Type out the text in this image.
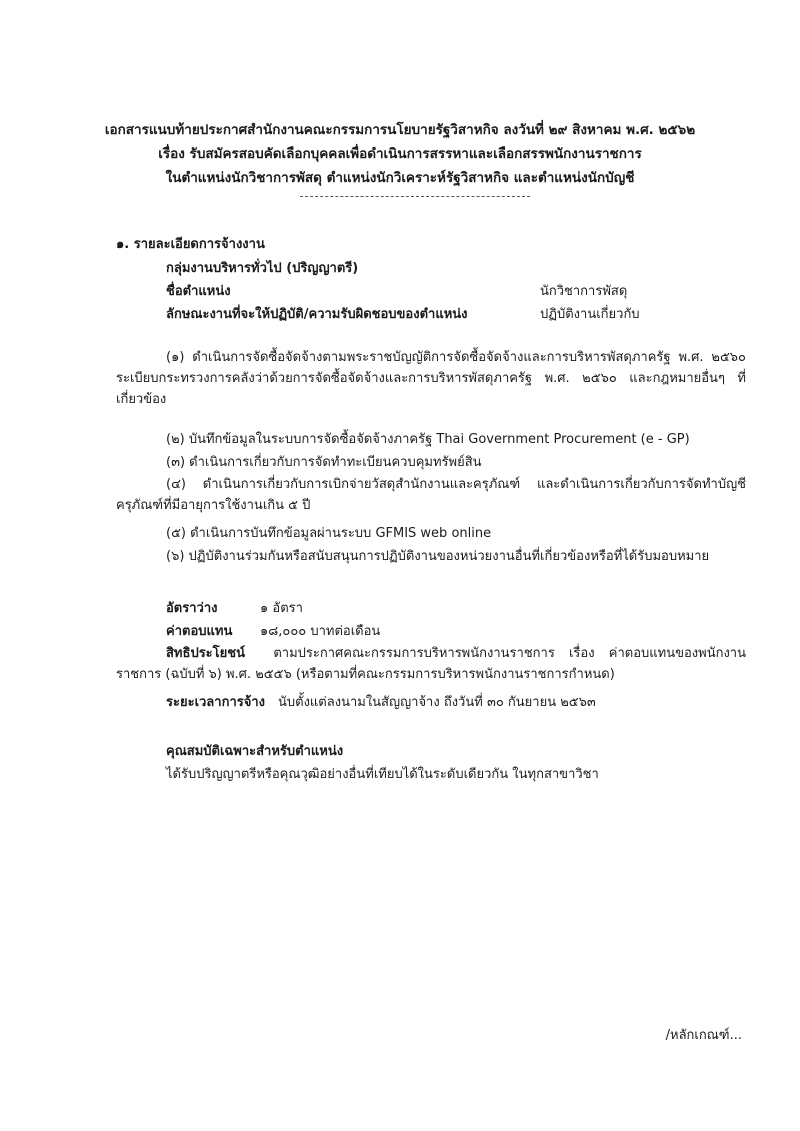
เอกสารแนบท้ายประกาศสำนักงานคณะกรรมการนโยบายรัฐวิสาหกิจ ลงวันที่ ๒๙ สิงหาคม พ.ศ. ๒๕๖๒
เรื่อง รับสมัครสอบคัดเลือกบุคคลเพื่อดำเนินการสรรหาและเลือกสรรพนักงานราชการ
ในตำแหน่งนักวิชาการพัสดุ ตำแหน่งนักวิเคราะห์รัฐวิสาหกิจ และตำแหน่งนักบัญชี
๑. รายละเอียดการจ้างงาน
กลุ่มงานบริหารทั่วไป (ปริญญาตรี)
ชื่อตำแหน่ง	นักวิชาการพัสดุ
ลักษณะงานที่จะให้ปฏิบัติ/ความรับผิดชอบของตำแหน่ง	ปฏิบัติงานเกี่ยวกับ
(๑) ดำเนินการจัดซื้อจัดจ้างตามพระราชบัญญัติการจัดซื้อจัดจ้างและการบริหารพัสดุภาครัฐ พ.ศ. ๒๕๖๐ ระเบียบกระทรวงการคลังว่าด้วยการจัดซื้อจัดจ้างและการบริหารพัสดุภาครัฐ พ.ศ. ๒๕๖๐ และกฎหมายอื่นๆ ที่เกี่ยวข้อง
(๒) บันทึกข้อมูลในระบบการจัดซื้อจัดจ้างภาครัฐ Thai Government Procurement (e - GP)
(๓) ดำเนินการเกี่ยวกับการจัดทำทะเบียนควบคุมทรัพย์สิน
(๔) ดำเนินการเกี่ยวกับการเบิกจ่ายวัสดุสำนักงานและครุภัณฑ์ และดำเนินการเกี่ยวกับการจัดทำบัญชีครุภัณฑ์ที่มีอายุการใช้งานเกิน ๕ ปี
(๕) ดำเนินการบันทึกข้อมูลผ่านระบบ GFMIS web online
(๖) ปฏิบัติงานร่วมกันหรือสนับสนุนการปฏิบัติงานของหน่วยงานอื่นที่เกี่ยวข้องหรือที่ได้รับมอบหมาย
อัตราว่าง	๑ อัตรา
ค่าตอบแทน ๑๘,๐๐๐ บาทต่อเดือน
สิทธิประโยชน์ ตามประกาศคณะกรรมการบริหารพนักงานราชการ เรื่อง ค่าตอบแทนของพนักงานราชการ (ฉบับที่ ๖) พ.ศ. ๒๕๕๖ (หรือตามที่คณะกรรมการบริหารพนักงานราชการกำหนด)
ระยะเวลาการจ้าง นับตั้งแต่ลงนามในสัญญาจ้าง ถึงวันที่ ๓๐ กันยายน ๒๕๖๓
คุณสมบัติเฉพาะสำหรับตำแหน่ง
ได้รับปริญญาตรีหรือคุณวุฒิอย่างอื่นที่เทียบได้ในระดับเดียวกัน ในทุกสาขาวิชา
/หลักเกณฑ์...
